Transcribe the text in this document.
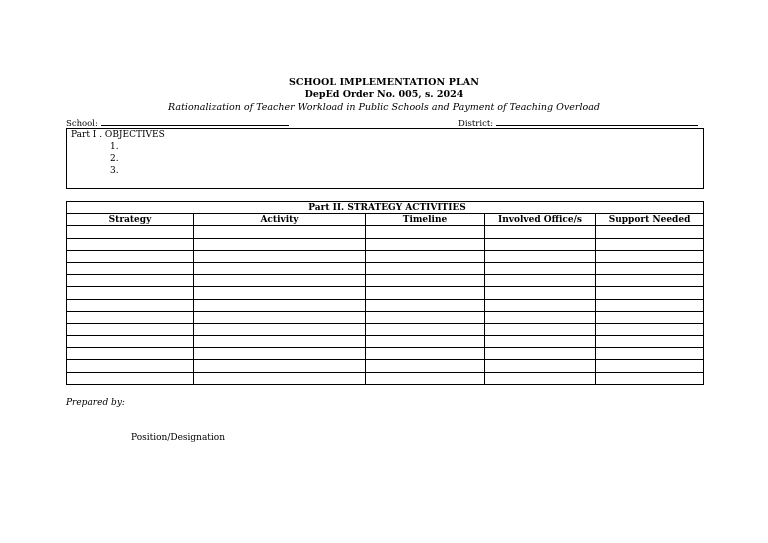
SCHOOL IMPLEMENTATION PLAN
DepEd Order No. 005, s. 2024
Rationalization of Teacher Workload in Public Schools and Payment of Teaching Overload
School:	District:
Part I . OBJECTIVES
1.
2.
3.
Part II. STRATEGY ACTIVITIES				
Strategy	Activity	Timeline	Involved Office/s	Support Needed

Prepared by:
Position/Designation
